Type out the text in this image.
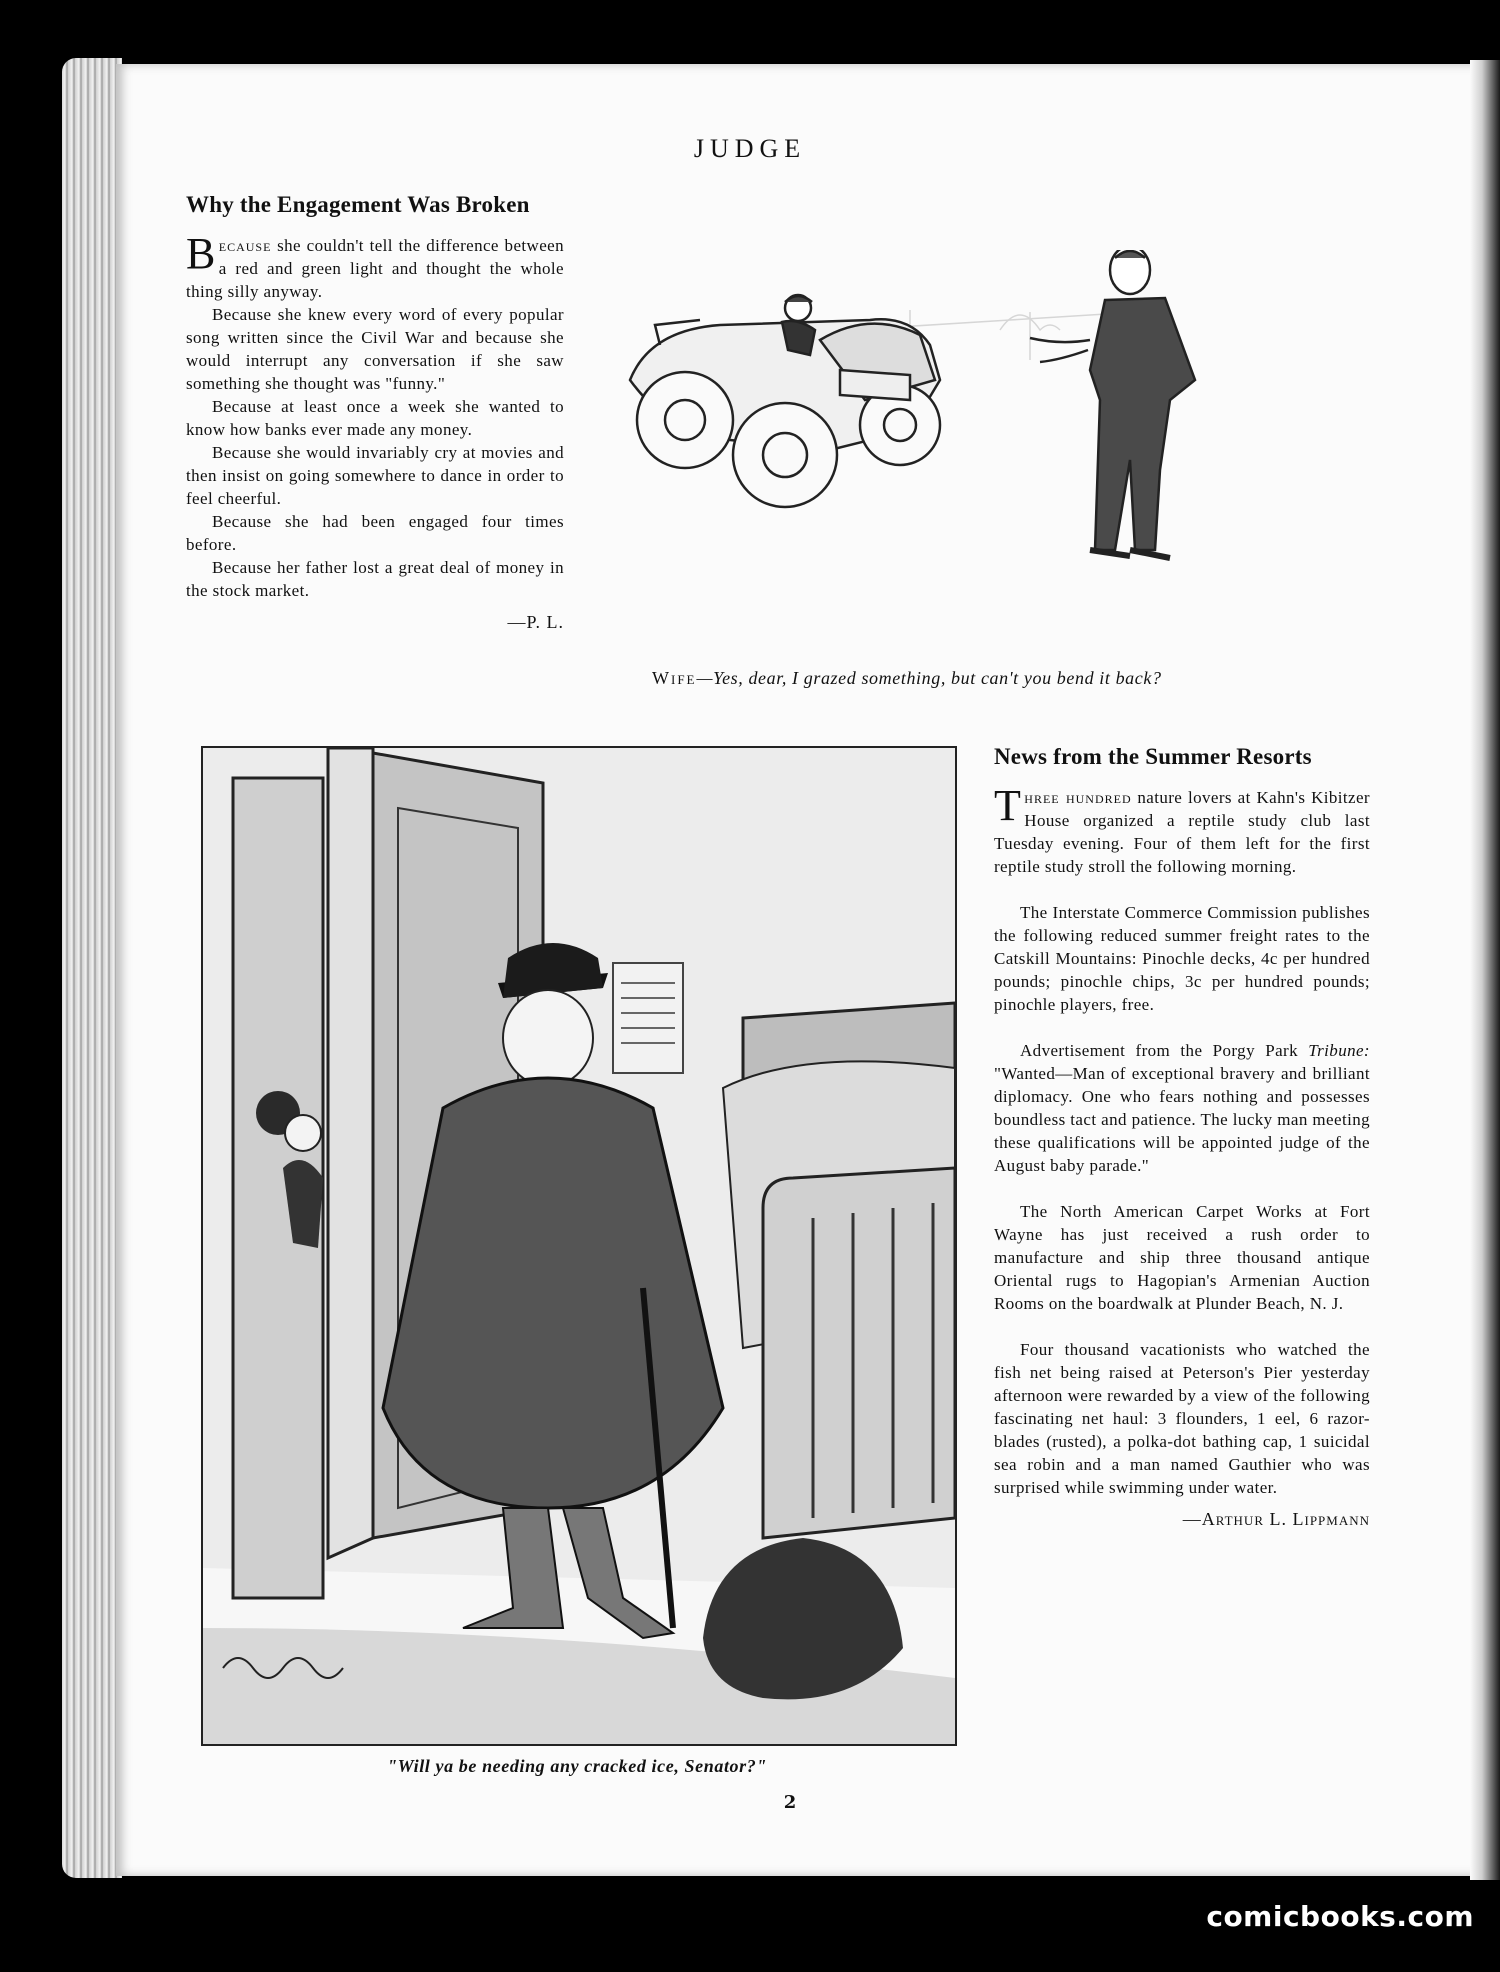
JUDGE
Why the Engagement Was Broken

Because she couldn't tell the difference between a red and green light and thought the whole thing silly anyway.

Because she knew every word of every popular song written since the Civil War and because she would interrupt any conversation if she saw something she thought was "funny."

Because at least once a week she wanted to know how banks ever made any money.

Because she would invariably cry at movies and then insist on going somewhere to dance in order to feel cheerful.

Because she had been engaged four times before.

Because her father lost a great deal of money in the stock market.

—P. L.
Wife—Yes, dear, I grazed something, but can't you bend it back?
"Will ya be needing any cracked ice, Senator?"
News from the Summer Resorts

Three hundred nature lovers at Kahn's Kibitzer House organized a reptile study club last Tuesday evening. Four of them left for the first reptile study stroll the following morning.

The Interstate Commerce Commission publishes the following reduced summer freight rates to the Catskill Mountains: Pinochle decks, 4c per hundred pounds; pinochle chips, 3c per hundred pounds; pinochle players, free.

Advertisement from the Porgy Park Tribune: "Wanted—Man of exceptional bravery and brilliant diplomacy. One who fears nothing and possesses boundless tact and patience. The lucky man meeting these qualifications will be appointed judge of the August baby parade."

The North American Carpet Works at Fort Wayne has just received a rush order to manufacture and ship three thousand antique Oriental rugs to Hagopian's Armenian Auction Rooms on the boardwalk at Plunder Beach, N. J.

Four thousand vacationists who watched the fish net being raised at Peterson's Pier yesterday afternoon were rewarded by a view of the following fascinating net haul: 3 flounders, 1 eel, 6 razor-blades (rusted), a polka-dot bathing cap, 1 suicidal sea robin and a man named Gauthier who was surprised while swimming under water.

—Arthur L. Lippmann
2
comicbooks.com
